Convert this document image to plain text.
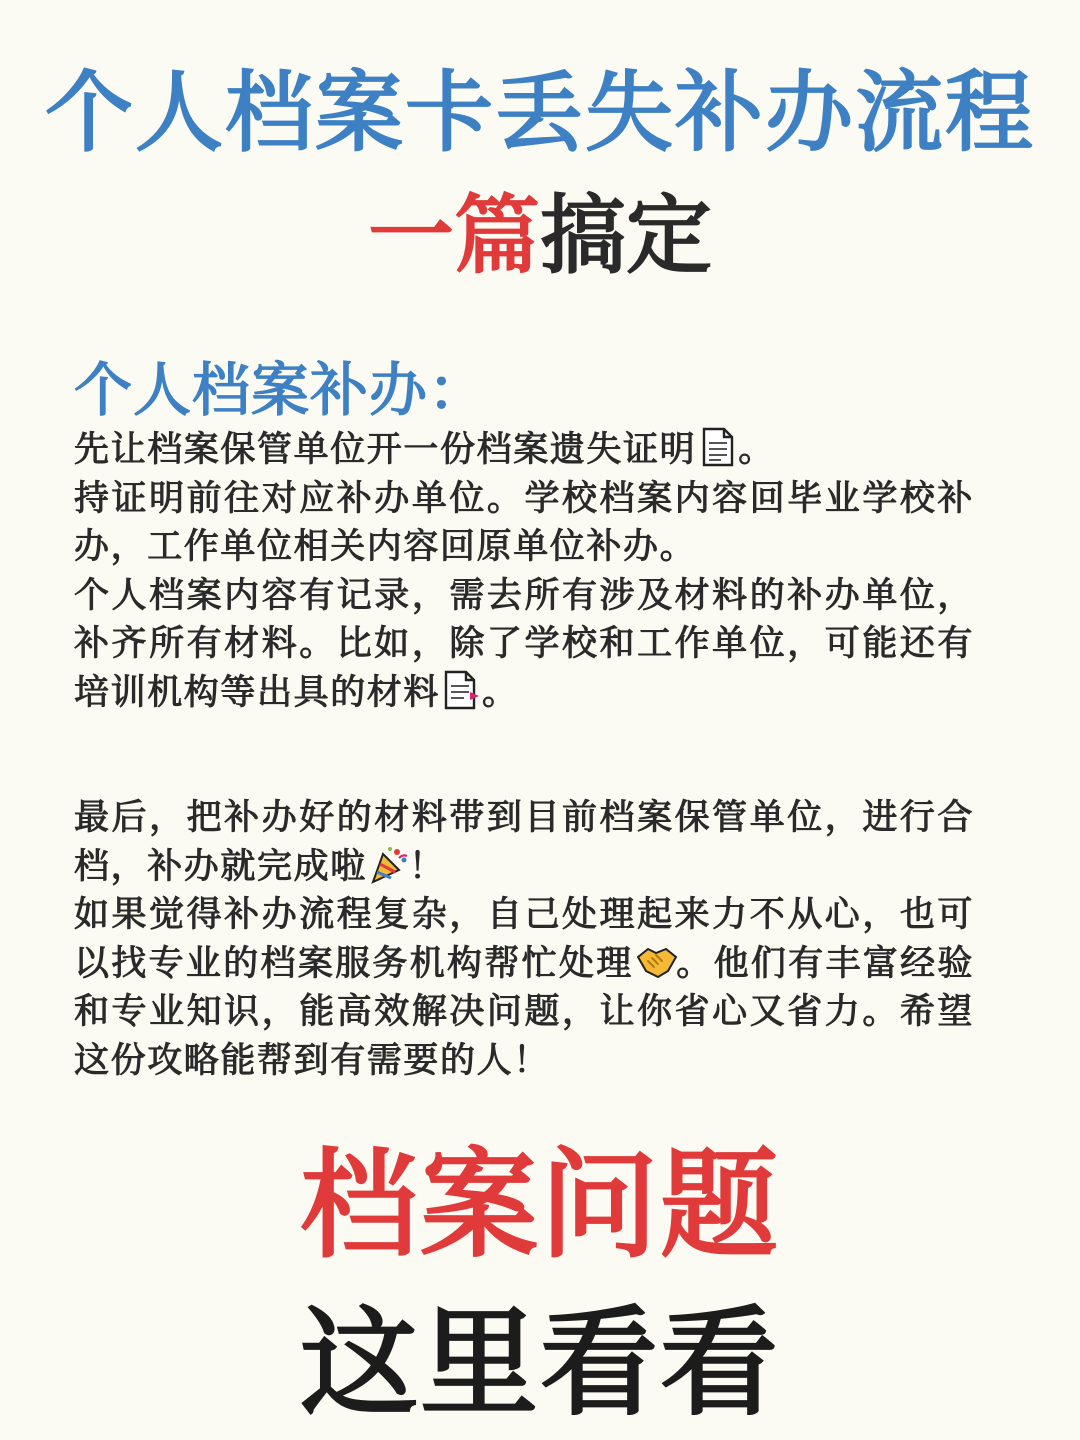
个人档案卡丢失补办流程
一篇搞定
个人档案补办：

先让档案保管单位开一份档案遗失证明 。

持证明前往对应补办单位。学校档案内容回毕业学校补办，工作单位相关内容回原单位补办。

个人档案内容有记录，需去所有涉及材料的补办单位，补齐所有材料。比如，除了学校和工作单位，可能还有培训机构等出具的材料 。

最后，把补办好的材料带到目前档案保管单位，进行合档，补办就完成啦 ！

如果觉得补办流程复杂，自己处理起来力不从心，也可以找专业的档案服务机构帮忙处理 。他们有丰富经验和专业知识，能高效解决问题，让你省心又省力。希望这份攻略能帮到有需要的人！

档案问题
这里看看
